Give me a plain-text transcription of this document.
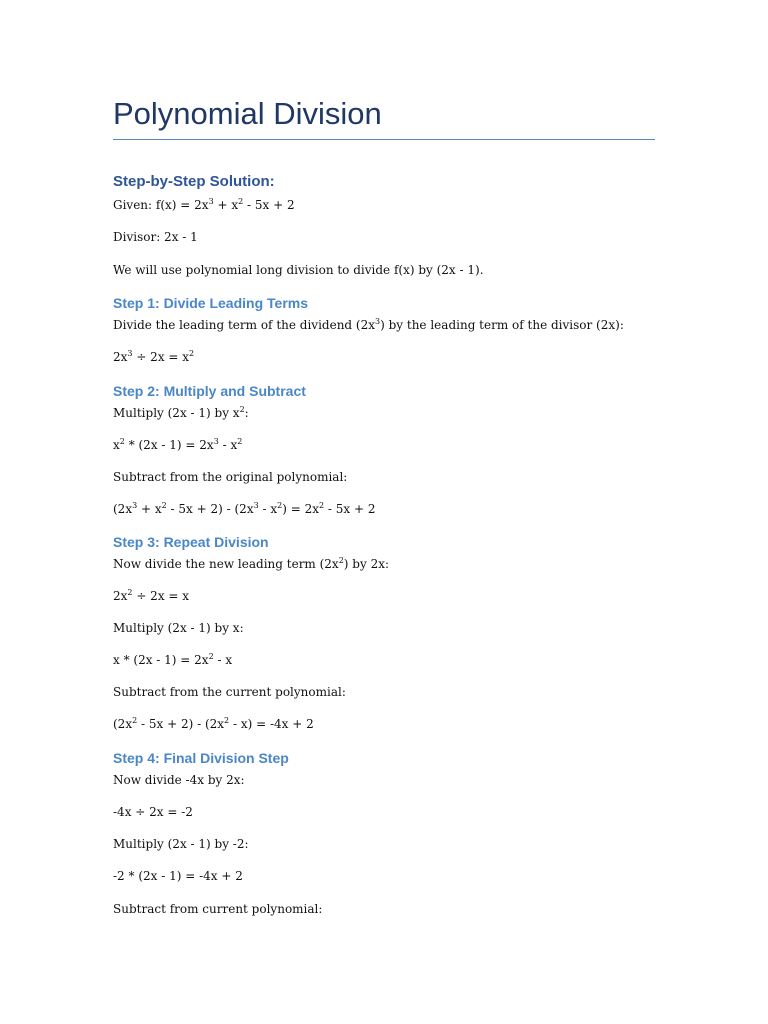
Polynomial Division
Step-by-Step Solution:

Given: $f(x) = 2x^3 + x^2 - 5x + 2$

Divisor: 2x - 1

We will use polynomial long division to divide f(x) by (2x - 1).

Step 1: Divide Leading Terms

Divide the leading term of the dividend $(2x^3)$ by the leading term of the divisor (2x):

$2x^3 \div 2x = x^2$

Step 2: Multiply and Subtract

Multiply (2x - 1) by $x^2$:

$x^2 * (2x - 1) = 2x^3 - x^2$

Subtract from the original polynomial:

$(2x^3 + x^2 - 5x + 2) - (2x^3 - x^2) = 2x^2 - 5x + 2$

Step 3: Repeat Division

Now divide the new leading term $(2x^2)$ by 2x:

$2x^2 \div 2x = x$

Multiply (2x - 1) by x:

$x * (2x - 1) = 2x^2 - x$

Subtract from the current polynomial:

$(2x^2 - 5x + 2) - (2x^2 - x) = -4x + 2$

Step 4: Final Division Step

Now divide -4x by 2x:

-4x ÷ 2x = -2

Multiply (2x - 1) by -2:

-2 * (2x - 1) = -4x + 2

Subtract from current polynomial:
